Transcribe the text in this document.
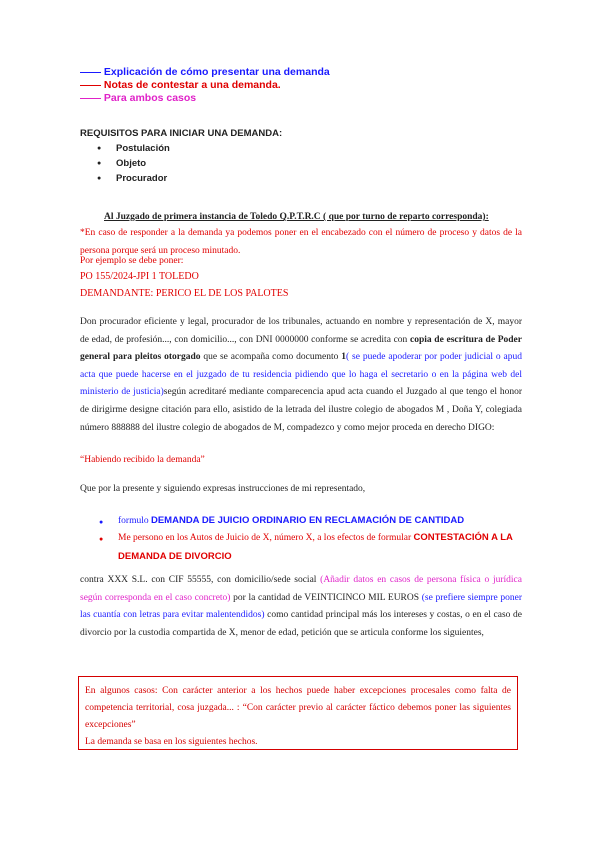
—— Explicación de cómo presentar una demanda
—— Notas de contestar a una demanda.
—— Para ambos casos
REQUISITOS PARA INICIAR UNA DEMANDA:
● Postulación
● Objeto
● Procurador
Al Juzgado de primera instancia de Toledo Q.P.T.R.C ( que por turno de reparto corresponda):
*En caso de responder a la demanda ya podemos poner en el encabezado con el número de proceso y datos de la persona porque será un proceso minutado.
Por ejemplo se debe poner:
PO 155/2024-JPI 1 TOLEDO
DEMANDANTE: PERICO EL DE LOS PALOTES
Don procurador eficiente y legal, procurador de los tribunales, actuando en nombre y representación de X, mayor de edad, de profesión..., con domicilio..., con DNI 0000000 conforme se acredita con copia de escritura de Poder general para pleitos otorgado que se acompaña como documento 1( se puede apoderar por poder judicial o apud acta que puede hacerse en el juzgado de tu residencia pidiendo que lo haga el secretario o en la página web del ministerio de justicia)según acreditaré mediante comparecencia apud acta cuando el Juzgado al que tengo el honor de dirigirme designe citación para ello, asistido de la letrada del ilustre colegio de abogados M , Doña Y, colegiada número 888888 del ilustre colegio de abogados de M, compadezco y como mejor proceda en derecho DIGO:
“Habiendo recibido la demanda”
Que por la presente y siguiendo expresas instrucciones de mi representado,
● formulo DEMANDA DE JUICIO ORDINARIO EN RECLAMACIÓN DE CANTIDAD
● Me persono en los Autos de Juicio de X, número X, a los efectos de formular CONTESTACIÓN A LA DEMANDA DE DIVORCIO
contra XXX S.L. con CIF 55555, con domicilio/sede social (Añadir datos en casos de persona física o jurídica según corresponda en el caso concreto) por la cantidad de VEINTICINCO MIL EUROS (se prefiere siempre poner las cuantía con letras para evitar malentendidos) como cantidad principal más los intereses y costas, o en el caso de divorcio por la custodia compartida de X, menor de edad, petición que se articula conforme los siguientes,
En algunos casos: Con carácter anterior a los hechos puede haber excepciones procesales como falta de competencia territorial, cosa juzgada... : “Con carácter previo al carácter fáctico debemos poner las siguientes excepciones”
La demanda se basa en los siguientes hechos.
